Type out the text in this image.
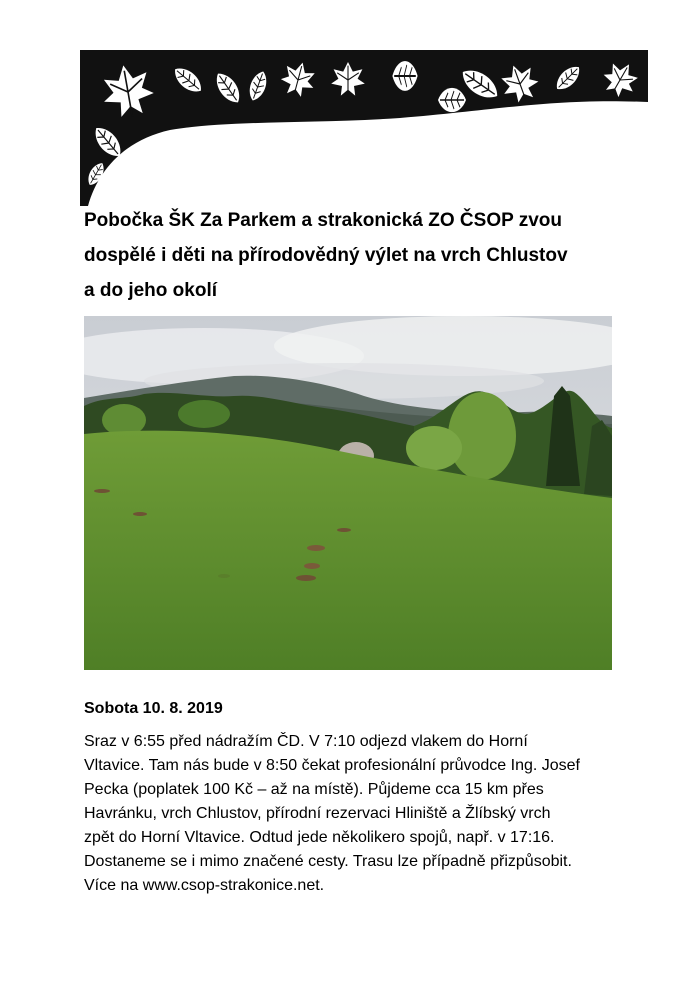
Pobočka ŠK Za Parkem a strakonická ZO ČSOP zvou
dospělé i děti na přírodovědný výlet na vrch Chlustov
a do jeho okolí

Sobota 10. 8. 2019

Sraz v 6:55 před nádražím ČD. V 7:10 odjezd vlakem do Horní
Vltavice. Tam nás bude v 8:50 čekat profesionální průvodce Ing. Josef
Pecka (poplatek 100 Kč – až na místě). Půjdeme cca 15 km přes
Havránku, vrch Chlustov, přírodní rezervaci Hliniště a Žlíbský vrch
zpět do Horní Vltavice. Odtud jede několikero spojů, např. v 17:16.
Dostaneme se i mimo značené cesty. Trasu lze případně přizpůsobit.
Více na www.csop-strakonice.net.
